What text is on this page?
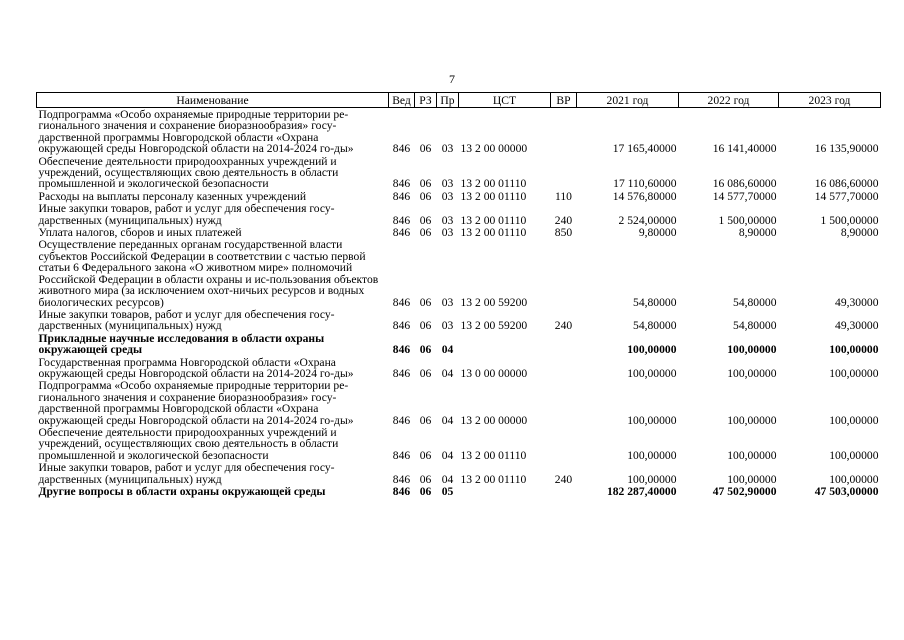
7
Наименование	Вед	РЗ	Пр	ЦСТ	ВР	2021 год	2022 год	2023 год
Подпрограмма «Особо охраняемые природные территории ре-гионального значения и сохранение биоразнообразия» госу-дарственной программы Новгородской области «Охрана окружающей среды Новгородской области на 2014-2024 го-ды»	846	06	03	13 2 00 00000		17 165,40000	16 141,40000	16 135,90000
Обеспечение деятельности природоохранных учреждений и учреждений, осуществляющих свою деятельность в области промышленной и экологической безопасности	846	06	03	13 2 00 01110		17 110,60000	16 086,60000	16 086,60000
Расходы на выплаты персоналу казенных учреждений	846	06	03	13 2 00 01110	110	14 576,80000	14 577,70000	14 577,70000
Иные закупки товаров, работ и услуг для обеспечения госу-дарственных (муниципальных) нужд	846	06	03	13 2 00 01110	240	2 524,00000	1 500,00000	1 500,00000
Уплата налогов, сборов и иных платежей	846	06	03	13 2 00 01110	850	9,80000	8,90000	8,90000
Осуществление переданных органам государственной власти субъектов Российской Федерации в соответствии с частью первой статьи 6 Федерального закона «О животном мире» полномочий Российской Федерации в области охраны и ис-пользования объектов животного мира (за исключением охот-ничьих ресурсов и водных биологических ресурсов)	846	06	03	13 2 00 59200		54,80000	54,80000	49,30000
Иные закупки товаров, работ и услуг для обеспечения госу-дарственных (муниципальных) нужд	846	06	03	13 2 00 59200	240	54,80000	54,80000	49,30000
Прикладные научные исследования в области охраны окружающей среды	846	06	04			100,00000	100,00000	100,00000
Государственная программа Новгородской области «Охрана окружающей среды Новгородской области на 2014-2024 го-ды»	846	06	04	13 0 00 00000		100,00000	100,00000	100,00000
Подпрограмма «Особо охраняемые природные территории ре-гионального значения и сохранение биоразнообразия» госу-дарственной программы Новгородской области «Охрана окружающей среды Новгородской области на 2014-2024 го-ды»	846	06	04	13 2 00 00000		100,00000	100,00000	100,00000
Обеспечение деятельности природоохранных учреждений и учреждений, осуществляющих свою деятельность в области промышленной и экологической безопасности	846	06	04	13 2 00 01110		100,00000	100,00000	100,00000
Иные закупки товаров, работ и услуг для обеспечения госу-дарственных (муниципальных) нужд	846	06	04	13 2 00 01110	240	100,00000	100,00000	100,00000
Другие вопросы в области охраны окружающей среды	846	06	05			182 287,40000	47 502,90000	47 503,00000
